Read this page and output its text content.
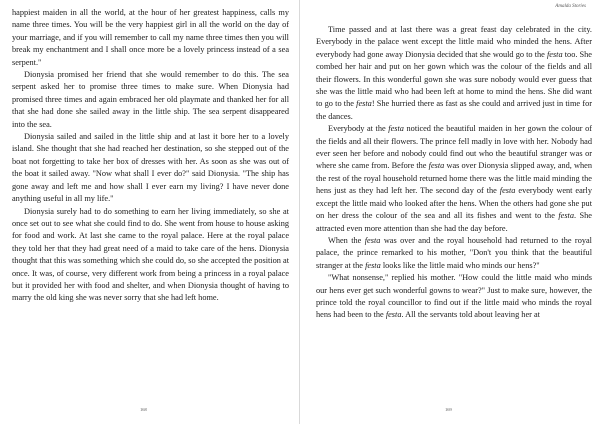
happiest maiden in all the world, at the hour of her greatest happiness, calls my name three times. You will be the very happiest girl in all the world on the day of your marriage, and if you will remember to call my name three times then you will break my enchantment and I shall once more be a lovely princess instead of a sea serpent."

Dionysia promised her friend that she would remember to do this. The sea serpent asked her to promise three times to make sure. When Dionysia had promised three times and again embraced her old playmate and thanked her for all that she had done she sailed away in the little ship. The sea serpent disappeared into the sea.

Dionysia sailed and sailed in the little ship and at last it bore her to a lovely island. She thought that she had reached her destination, so she stepped out of the boat not forgetting to take her box of dresses with her. As soon as she was out of the boat it sailed away. "Now what shall I ever do?" said Dionysia. "The ship has gone away and left me and how shall I ever earn my living? I have never done anything useful in all my life."

Dionysia surely had to do something to earn her living immediately, so she at once set out to see what she could find to do. She went from house to house asking for food and work. At last she came to the royal palace. Here at the royal palace they told her that they had great need of a maid to take care of the hens. Dionysia thought that this was something which she could do, so she accepted the position at once. It was, of course, very different work from being a princess in a royal palace but it provided her with food and shelter, and when Dionysia thought of having to marry the old king she was never sorry that she had left home.

168
Amalda Stories

Time passed and at last there was a great feast day celebrated in the city. Everybody in the palace went except the little maid who minded the hens. After everybody had gone away Dionysia decided that she would go to the festa too. She combed her hair and put on her gown which was the colour of the fields and all their flowers. In this wonderful gown she was sure nobody would ever guess that she was the little maid who had been left at home to mind the hens. She did want to go to the festa! She hurried there as fast as she could and arrived just in time for the dances.

Everybody at the festa noticed the beautiful maiden in her gown the colour of the fields and all their flowers. The prince fell madly in love with her. Nobody had ever seen her before and nobody could find out who the beautiful stranger was or where she came from. Before the festa was over Dionysia slipped away, and, when the rest of the royal household returned home there was the little maid minding the hens just as they had left her. The second day of the festa everybody went early except the little maid who looked after the hens. When the others had gone she put on her dress the colour of the sea and all its fishes and went to the festa. She attracted even more attention than she had the day before.

When the festa was over and the royal household had returned to the royal palace, the prince remarked to his mother, "Don't you think that the beautiful stranger at the festa looks like the little maid who minds our hens?"

"What nonsense," replied his mother. "How could the little maid who minds our hens ever get such wonderful gowns to wear?" Just to make sure, however, the prince told the royal councillor to find out if the little maid who minds the royal hens had been to the festa. All the servants told about leaving her at

169
